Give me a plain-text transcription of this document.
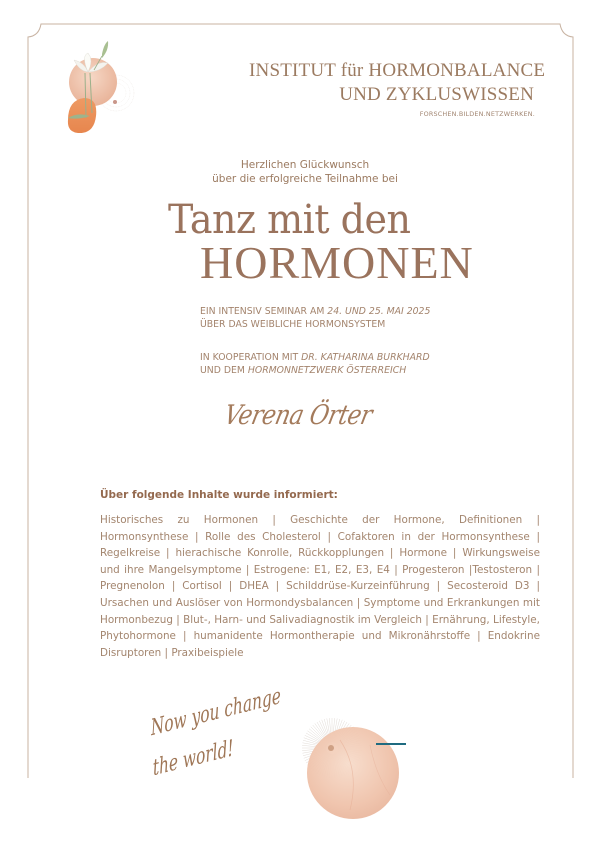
INSTITUT für HORMONBALANCE
UND ZYKLUSWISSEN
FORSCHEN.BILDEN.NETZWERKEN.
Herzlichen Glückwunsch
über die erfolgreiche Teilnahme bei
Tanz mit den
HORMONEN
EIN INTENSIV SEMINAR AM 24. UND 25. MAI 2025
ÜBER DAS WEIBLICHE HORMONSYSTEM
IN KOOPERATION MIT DR. KATHARINA BURKHARD
UND DEM HORMONNETZWERK ÖSTERREICH
Verena Örter
Über folgende Inhalte wurde informiert:
Historisches zu Hormonen | Geschichte der Hormone, Definitionen | Hormonsynthese | Rolle des Cholesterol | Cofaktoren in der Hormonsynthese | Regelkreise | hierachische Konrolle, Rückkopplungen | Hormone | Wirkungsweise und ihre Mangelsymptome | Estrogene: E1, E2, E3, E4 | Progesteron |Testosteron | Pregnenolon | Cortisol | DHEA | Schilddrüse-Kurzeinführung | Secosteroid D3 | Ursachen und Auslöser von Hormondysbalancen | Symptome und Erkrankungen mit Hormonbezug | Blut-, Harn- und Salivadiagnostik im Vergleich | Ernährung, Lifestyle, Phytohormone | humanidente Hormontherapie und Mikronährstoffe | Endokrine Disruptoren | Praxibeispiele
Now you change
the world!
